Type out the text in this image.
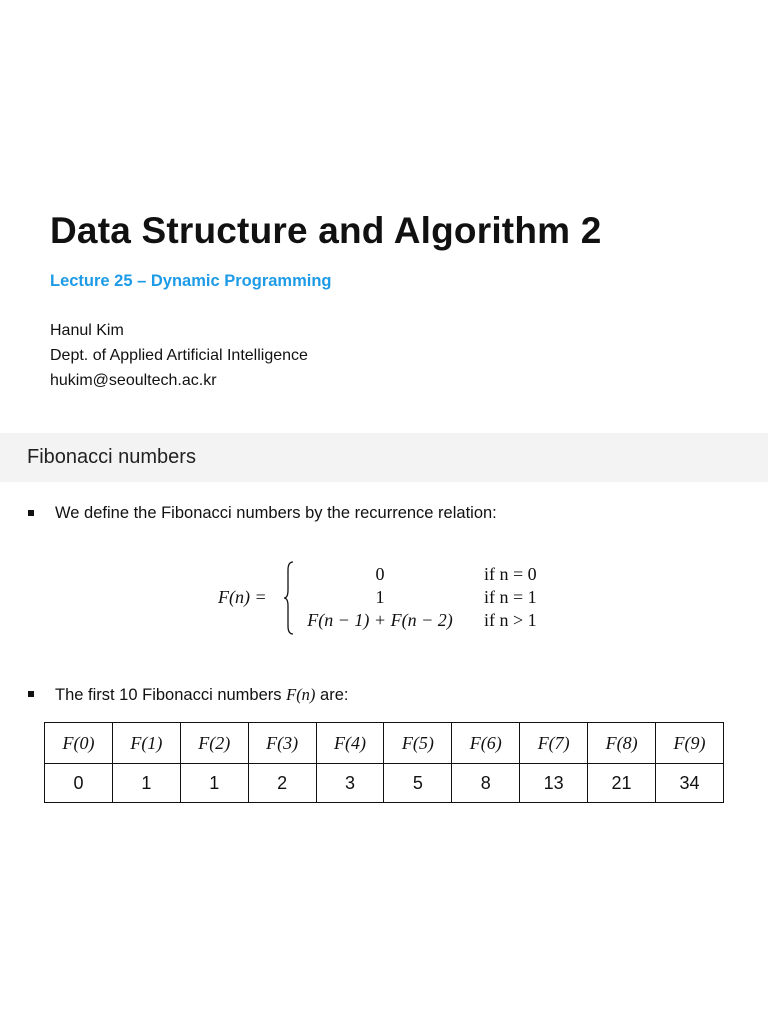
Data Structure and Algorithm 2
Lecture 25 – Dynamic Programming
Hanul Kim
Dept. of Applied Artificial Intelligence
hukim@seoultech.ac.kr
Fibonacci numbers
We define the Fibonacci numbers by the recurrence relation:
F(n) =
0	if n = 0
1	if n = 1
F(n − 1) + F(n − 2)	if n > 1
The first 10 Fibonacci numbers F(n) are:
F(0)	F(1)	F(2)	F(3)	F(4)	F(5)	F(6)	F(7)	F(8)	F(9)
0	1	1	2	3	5	8	13	21	34
